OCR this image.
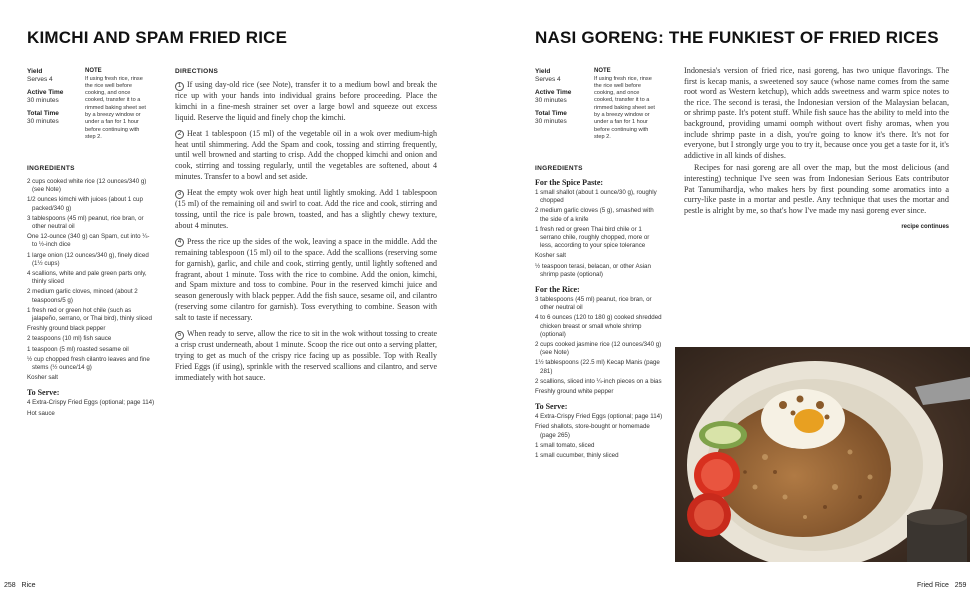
KIMCHI AND SPAM FRIED RICE
Yield
Serves 4
Active Time
30 minutes
Total Time
30 minutes
NOTE
If using fresh rice, rinse the rice well before cooking, and once cooked, transfer it to a rimmed baking sheet set by a breezy window or under a fan for 1 hour before continuing with step 2.
INGREDIENTS
2 cups cooked white rice (12 ounces/340 g) (see Note)
1/2 ounces kimchi with juices (about 1 cup packed/340 g)
3 tablespoons (45 ml) peanut, rice bran, or other neutral oil
One 12-ounce (340 g) can Spam, cut into ¼- to ½-inch dice
1 large onion (12 ounces/340 g), finely diced (1½ cups)
4 scallions, white and pale green parts only, thinly sliced
2 medium garlic cloves, minced (about 2 teaspoons/5 g)
1 fresh red or green hot chile (such as jalapeño, serrano, or Thai bird), thinly sliced
Freshly ground black pepper
2 teaspoons (10 ml) fish sauce
1 teaspoon (5 ml) roasted sesame oil
½ cup chopped fresh cilantro leaves and fine stems (½ ounce/14 g)
Kosher salt
To Serve:
4 Extra-Crispy Fried Eggs (optional; page 114)
Hot sauce
DIRECTIONS

1 If using day-old rice (see Note), transfer it to a medium bowl and break the rice up with your hands into individual grains before proceeding. Place the kimchi in a fine-mesh strainer set over a large bowl and squeeze out excess liquid. Reserve the liquid and finely chop the kimchi.

2 Heat 1 tablespoon (15 ml) of the vegetable oil in a wok over medium-high heat until shimmering. Add the Spam and cook, tossing and stirring frequently, until well browned and starting to crisp. Add the chopped kimchi and onion and cook, stirring and tossing regularly, until the vegetables are softened, about 4 minutes. Transfer to a bowl and set aside.

3 Heat the empty wok over high heat until lightly smoking. Add 1 tablespoon (15 ml) of the remaining oil and swirl to coat. Add the rice and cook, stirring and tossing, until the rice is pale brown, toasted, and has a slightly chewy texture, about 4 minutes.

4 Press the rice up the sides of the wok, leaving a space in the middle. Add the remaining tablespoon (15 ml) oil to the space. Add the scallions (reserving some for garnish), garlic, and chile and cook, stirring gently, until lightly softened and fragrant, about 1 minute. Toss with the rice to combine. Add the onion, kimchi, and Spam mixture and toss to combine. Pour in the reserved kimchi juice and season generously with black pepper. Add the fish sauce, sesame oil, and cilantro (reserving some cilantro for garnish). Toss everything to combine. Season with salt to taste if necessary.

5 When ready to serve, allow the rice to sit in the wok without tossing to create a crisp crust underneath, about 1 minute. Scoop the rice out onto a serving platter, trying to get as much of the crispy rice facing up as possible. Top with Really Fried Eggs (if using), sprinkle with the reserved scallions and cilantro, and serve immediately with hot sauce.

258 Rice
NASI GORENG: THE FUNKIEST OF FRIED RICES
Yield
Serves 4
Active Time
30 minutes
Total Time
30 minutes
NOTE
If using fresh rice, rinse the rice well before cooking, and once cooked, transfer it to a rimmed baking sheet set by a breezy window or under a fan for 1 hour before continuing with step 2.
INGREDIENTS
For the Spice Paste:
1 small shallot (about 1 ounce/30 g), roughly chopped
2 medium garlic cloves (5 g), smashed with the side of a knife
1 fresh red or green Thai bird chile or 1 serrano chile, roughly chopped, more or less, according to your spice tolerance
Kosher salt
½ teaspoon terasi, belacan, or other Asian shrimp paste (optional)
For the Rice:
3 tablespoons (45 ml) peanut, rice bran, or other neutral oil
4 to 6 ounces (120 to 180 g) cooked shredded chicken breast or small whole shrimp (optional)
2 cups cooked jasmine rice (12 ounces/340 g) (see Note)
1½ tablespoons (22.5 ml) Kecap Manis (page 281)
2 scallions, sliced into ¼-inch pieces on a bias
Freshly ground white pepper
To Serve:
4 Extra-Crispy Fried Eggs (optional; page 114)
Fried shallots, store-bought or homemade (page 265)
1 small tomato, sliced
1 small cucumber, thinly sliced

Indonesia's version of fried rice, nasi goreng, has two unique flavorings. The first is kecap manis, a sweetened soy sauce (whose name comes from the same root word as Western ketchup), which adds sweetness and warm spice notes to the rice. The second is terasi, the Indonesian version of the Malaysian belacan, or shrimp paste. It's potent stuff. While fish sauce has the ability to meld into the background, providing umami oomph without overt fishy aromas, when you include shrimp paste in a dish, you're going to know it's there. It's not for everyone, but I strongly urge you to try it, because once you get a taste for it, it's addictive in all kinds of dishes.

Recipes for nasi goreng are all over the map, but the most delicious (and interesting) technique I've seen was from Indonesian Serious Eats contributor Pat Tanumihardja, who makes hers by first pounding some aromatics into a curry-like paste in a mortar and pestle. Any technique that uses the mortar and pestle is alright by me, so that's how I've made my nasi goreng ever since.

recipe continues
Fried Rice 259
